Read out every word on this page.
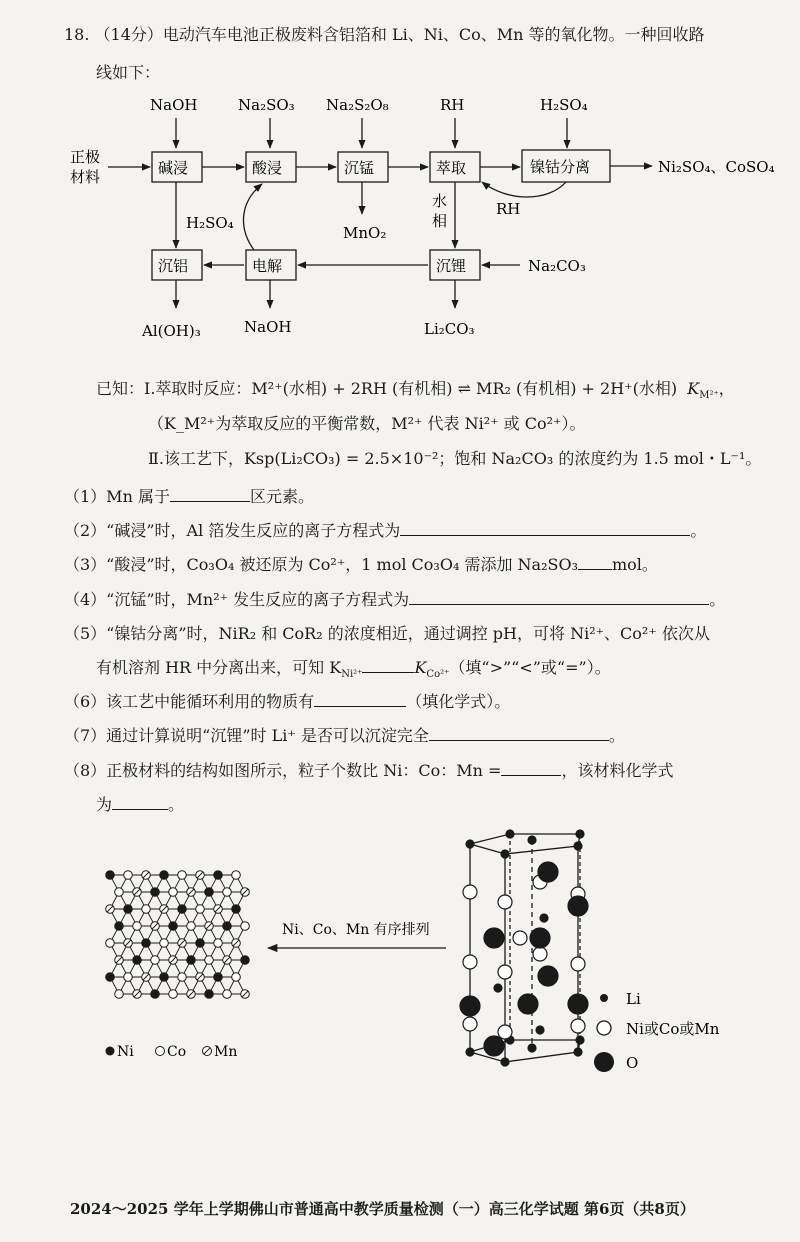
18. （14分）电动汽车电池正极废料含铝箔和 Li、Ni、Co、Mn 等的氧化物。一种回收路
线如下：
正极
材料
NaOH	Na₂SO₃ Na₂S₂O₈	RH	H₂SO₄
碱浸	酸浸	沉锰	萃取	镍钴分离	Ni₂SO₄、CoSO₄
RH
MnO₂
水
相
H₂SO₄
沉铝	电解	沉锂	Na₂CO₃
Al(OH)₃	NaOH	Li₂CO₃
已知：Ⅰ.萃取时反应：M²⁺(水相) + 2RH (有机相) ⇌ MR₂ (有机相) + 2H⁺(水相) $K_{M^{2+}}$，
（K_M²⁺为萃取反应的平衡常数，M²⁺ 代表 Ni²⁺ 或 Co²⁺）。
Ⅱ.该工艺下，Ksp(Li₂CO₃) = 2.5×10⁻²；饱和 Na₂CO₃ 的浓度约为 1.5 mol・L⁻¹。
（1）Mn 属于	区元素。
（2）“碱浸”时，Al 箔发生反应的离子方程式为	。
（3）“酸浸”时，Co₃O₄ 被还原为 Co²⁺，1 mol Co₃O₄ 需添加 Na₂SO₃ mol。
（4）“沉锰”时，Mn²⁺ 发生反应的离子方程式为	。
（5）“镍钴分离”时，NiR₂ 和 CoR₂ 的浓度相近，通过调控 pH，可将 Ni²⁺、Co²⁺ 依次从
有机溶剂 HR 中分离出来，可知 $K_{Ni^{2+}}$	$K_{Co^{2+}}$（填“>”“<”或“=”）。
（6）该工艺中能循环利用的物质有	（填化学式）。
（7）通过计算说明“沉锂”时 Li⁺ 是否可以沉淀完全	。
（8）正极材料的结构如图所示，粒子个数比 Ni：Co：Mn =	，该材料化学式
为	。
Ni Co Mn
Ni、Co、Mn 有序排列
Li
Ni或Co或Mn
O
2024～2025 学年上学期佛山市普通高中教学质量检测（一）高三化学试题 第6页（共8页）
